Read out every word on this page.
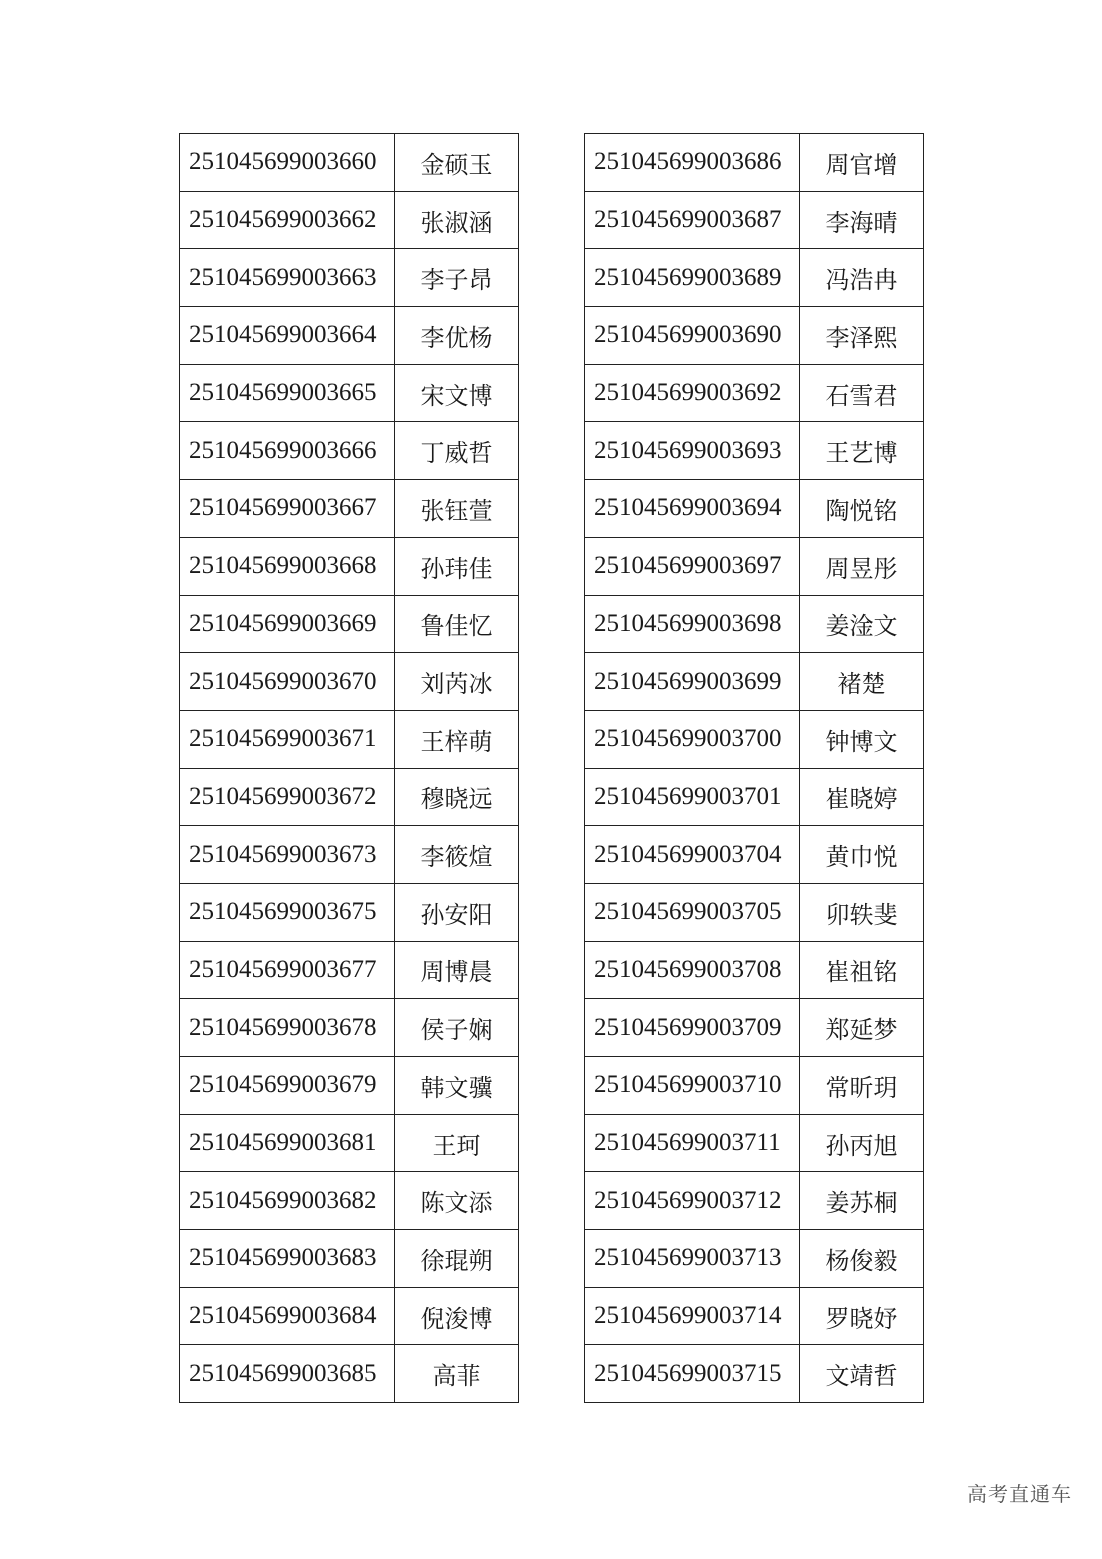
251045699003660	金硕玉
251045699003662	张淑涵
251045699003663	李子昂
251045699003664	李优杨
251045699003665	宋文博
251045699003666	丁威哲
251045699003667	张钰萱
251045699003668	孙玮佳
251045699003669	鲁佳忆
251045699003670	刘芮冰
251045699003671	王梓萌
251045699003672	穆晓远
251045699003673	李筱煊
251045699003675	孙安阳
251045699003677	周博晨
251045699003678	侯子娴
251045699003679	韩文骥
251045699003681	王珂
251045699003682	陈文添
251045699003683	徐琨朔
251045699003684	倪浚博
251045699003685	高菲
251045699003686	周官增
251045699003687	李海晴
251045699003689	冯浩冉
251045699003690	李泽熙
251045699003692	石雪君
251045699003693	王艺博
251045699003694	陶悦铭
251045699003697	周昱彤
251045699003698	姜淦文
251045699003699	褚楚
251045699003700	钟博文
251045699003701	崔晓婷
251045699003704	黄巾悦
251045699003705	卯轶斐
251045699003708	崔祖铭
251045699003709	郑延梦
251045699003710	常昕玥
251045699003711	孙丙旭
251045699003712	姜苏桐
251045699003713	杨俊毅
251045699003714	罗晓妤
251045699003715	文靖哲
高考直通车
